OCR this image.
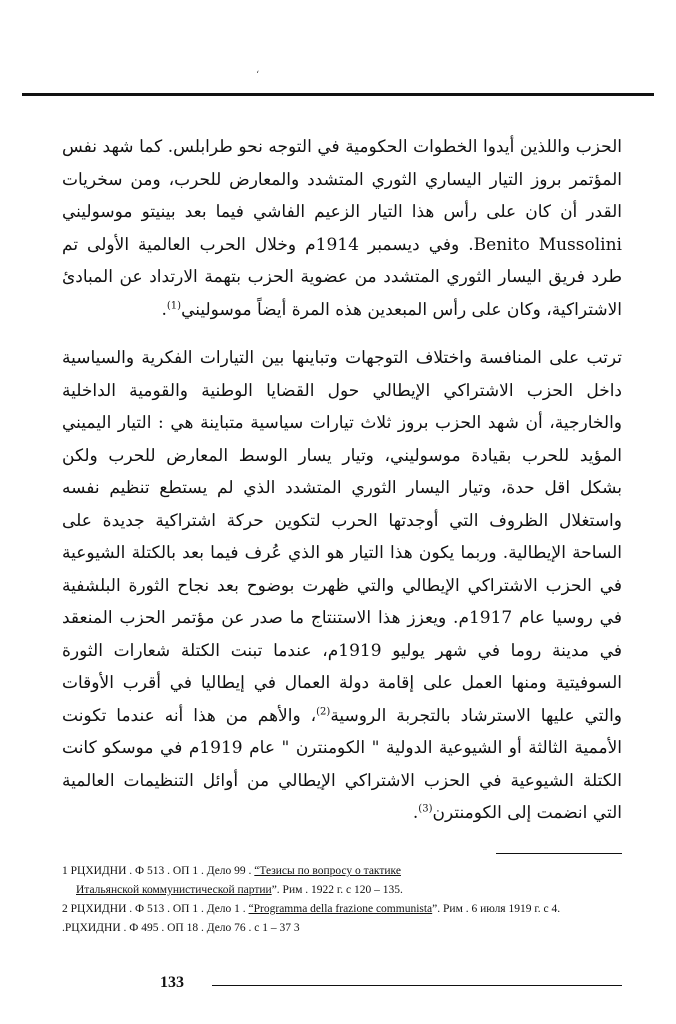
‘
الحزب واللذين أيدوا الخطوات الحكومية في التوجه نحو طرابلس. كما شهد نفس المؤتمر بروز التيار اليساري الثوري المتشدد والمعارض للحرب، ومن سخريات القدر أن كان على رأس هذا التيار الزعيم الفاشي فيما بعد بينيتو موسوليني Benito Mussolini. وفي ديسمبر 1914م وخلال الحرب العالمية الأولى تم طرد فريق اليسار الثوري المتشدد من عضوية الحزب بتهمة الارتداد عن المبادئ الاشتراكية، وكان على رأس المبعدين هذه المرة أيضاً موسوليني$^{(1)}$.
ترتب على المنافسة واختلاف التوجهات وتباينها بين التيارات الفكرية والسياسية داخل الحزب الاشتراكي الإيطالي حول القضايا الوطنية والقومية الداخلية والخارجية، أن شهد الحزب بروز ثلاث تيارات سياسية متباينة هي : التيار اليميني المؤيد للحرب بقيادة موسوليني، وتيار يسار الوسط المعارض للحرب ولكن بشكل اقل حدة، وتيار اليسار الثوري المتشدد الذي لم يستطع تنظيم نفسه واستغلال الظروف التي أوجدتها الحرب لتكوين حركة اشتراكية جديدة على الساحة الإيطالية. وربما يكون هذا التيار هو الذي عُرف فيما بعد بالكتلة الشيوعية في الحزب الاشتراكي الإيطالي والتي ظهرت بوضوح بعد نجاح الثورة البلشفية في روسيا عام 1917م. ويعزز هذا الاستنتاج ما صدر عن مؤتمر الحزب المنعقد في مدينة روما في شهر يوليو 1919م، عندما تبنت الكتلة شعارات الثورة السوفيتية ومنها العمل على إقامة دولة العمال في إيطاليا في أقرب الأوقات والتي عليها الاسترشاد بالتجربة الروسية$^{(2)}$، والأهم من هذا أنه عندما تكونت الأممية الثالثة أو الشيوعية الدولية " الكومنترن " عام 1919م في موسكو كانت الكتلة الشيوعية في الحزب الاشتراكي الإيطالي من أوائل التنظيمات العالمية التي انضمت إلى الكومنترن$^{(3)}$.
1 РЦХИДНИ . Ф 513 . ОП 1 . Дело 99 . “Тезисы по вопросу о тактике
Итальянской коммунистической партии”. Рим . 1922 г. с 120 – 135.
2 РЦХИДНИ . Ф 513 . ОП 1 . Дело 1 . “Programma della frazione communista”. Рим . 6 июля 1919 г. с 4.
.РЦХИДНИ . Ф 495 . ОП 18 . Дело 76 . с 1 – 37 3
133
